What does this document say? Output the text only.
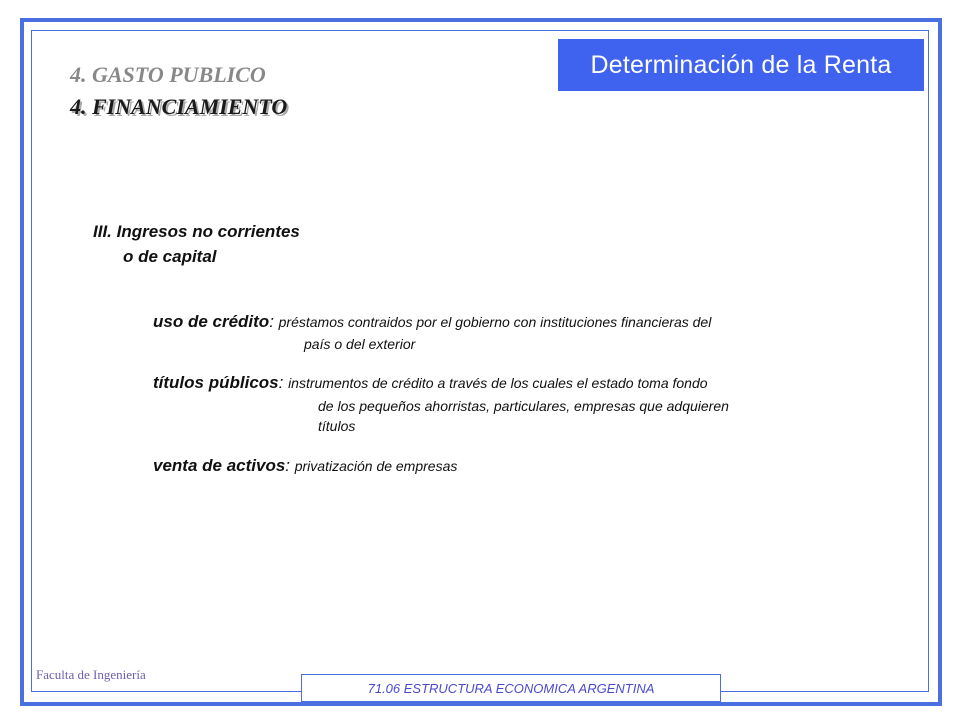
Determinación de la Renta
4. GASTO PUBLICO
4. FINANCIAMIENTO
III. Ingresos no corrientes
o de capital
uso de crédito: préstamos contraidos por el gobierno con instituciones financieras del
país o del exterior
títulos públicos: instrumentos de crédito a través de los cuales el estado toma fondo
de los pequeños ahorristas, particulares, empresas que adquieren
títulos
venta de activos: privatización de empresas
Faculta de Ingeniería
71.06 ESTRUCTURA ECONOMICA ARGENTINA
